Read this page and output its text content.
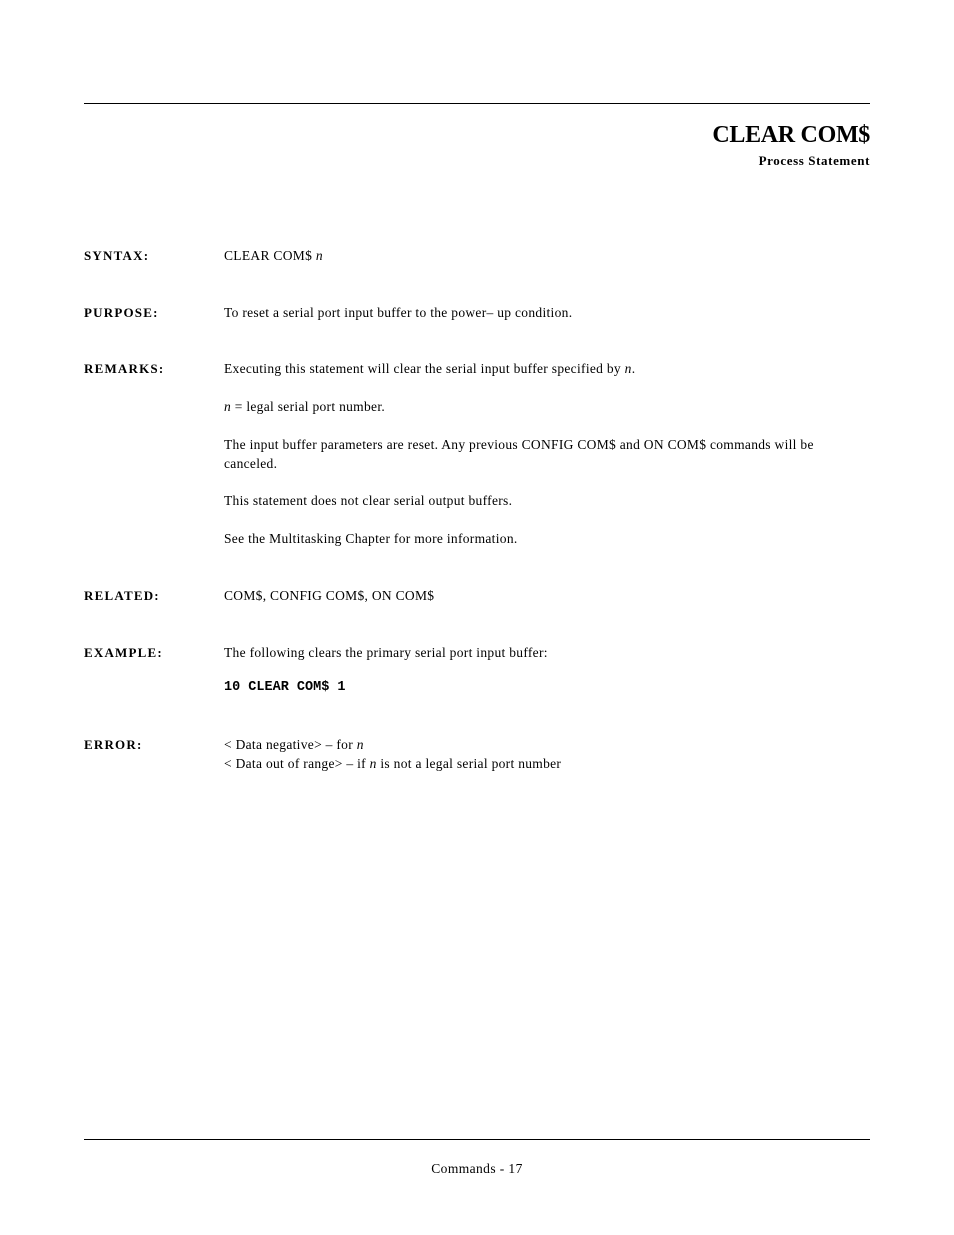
CLEAR COM$
Process Statement
SYNTAX:	CLEAR COM$ n
PURPOSE:	To reset a serial port input buffer to the power– up condition.
REMARKS:	Executing this statement will clear the serial input buffer specified by n.
n = legal serial port number.
The input buffer parameters are reset. Any previous CONFIG COM$ and ON COM$ commands will be canceled.
This statement does not clear serial output buffers.
See the Multitasking Chapter for more information.
RELATED:	COM$, CONFIG COM$, ON COM$
EXAMPLE:	The following clears the primary serial port input buffer:
10 CLEAR COM$ 1
ERROR:	< Data negative> – for n
< Data out of range> – if n is not a legal serial port number
Commands - 17
